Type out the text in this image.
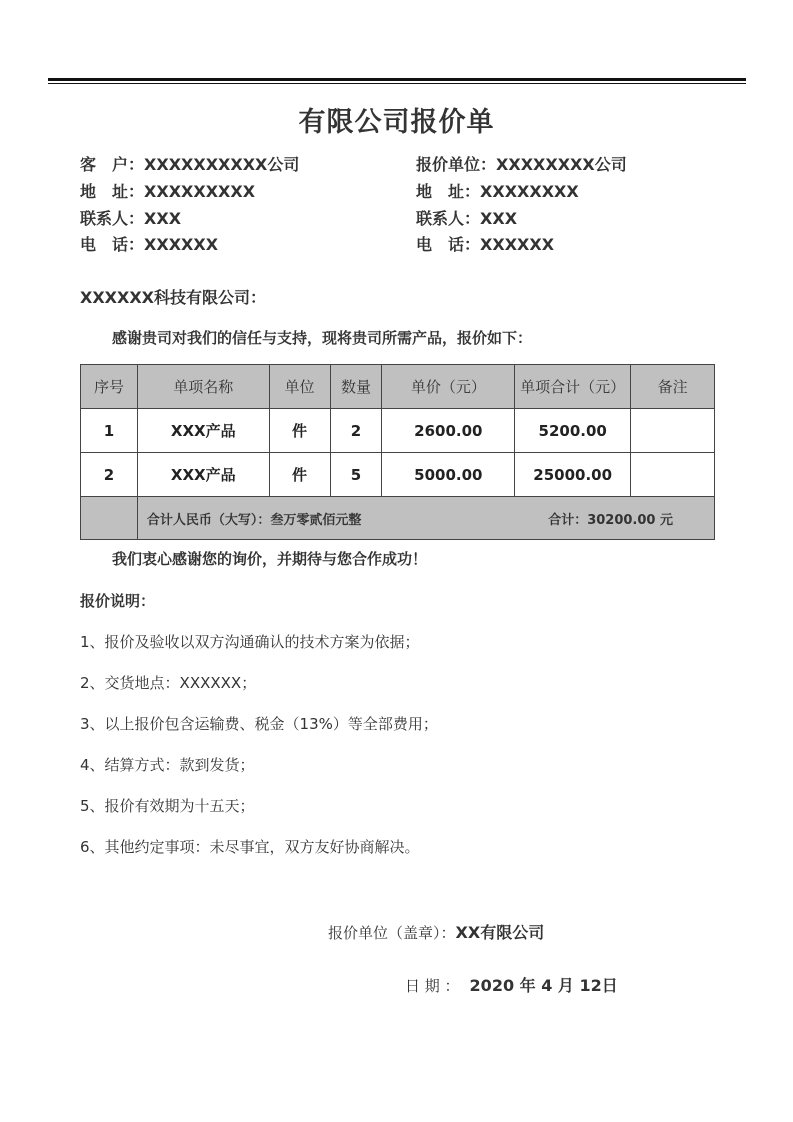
有限公司报价单
客　户：XXXXXXXXXX公司
地　址：XXXXXXXXX
联系人：XXX
电　话：XXXXXX
报价单位：XXXXXXXX公司
地　址：XXXXXXXX
联系人：XXX
电　话：XXXXXX
XXXXXX科技有限公司：
感谢贵司对我们的信任与支持，现将贵司所需产品，报价如下：
序号	单项名称	单位	数量	单价（元）	单项合计（元）	备注
1	XXX产品	件	2	2600.00	5200.00	
2	XXX产品	件	5	5000.00	25000.00	

	合计人民币（大写）：叁万零贰佰元整 合计：30200.00 元					
我们衷心感谢您的询价，并期待与您合作成功！
报价说明：
1、报价及验收以双方沟通确认的技术方案为依据；
2、交货地点：XXXXXX；
3、以上报价包含运输费、税金（13%）等全部费用；
4、结算方式：款到发货；
5、报价有效期为十五天；
6、其他约定事项：未尽事宜，双方友好协商解决。
报价单位（盖章）：XX有限公司
日 期 ： 2020 年 4 月 12日
